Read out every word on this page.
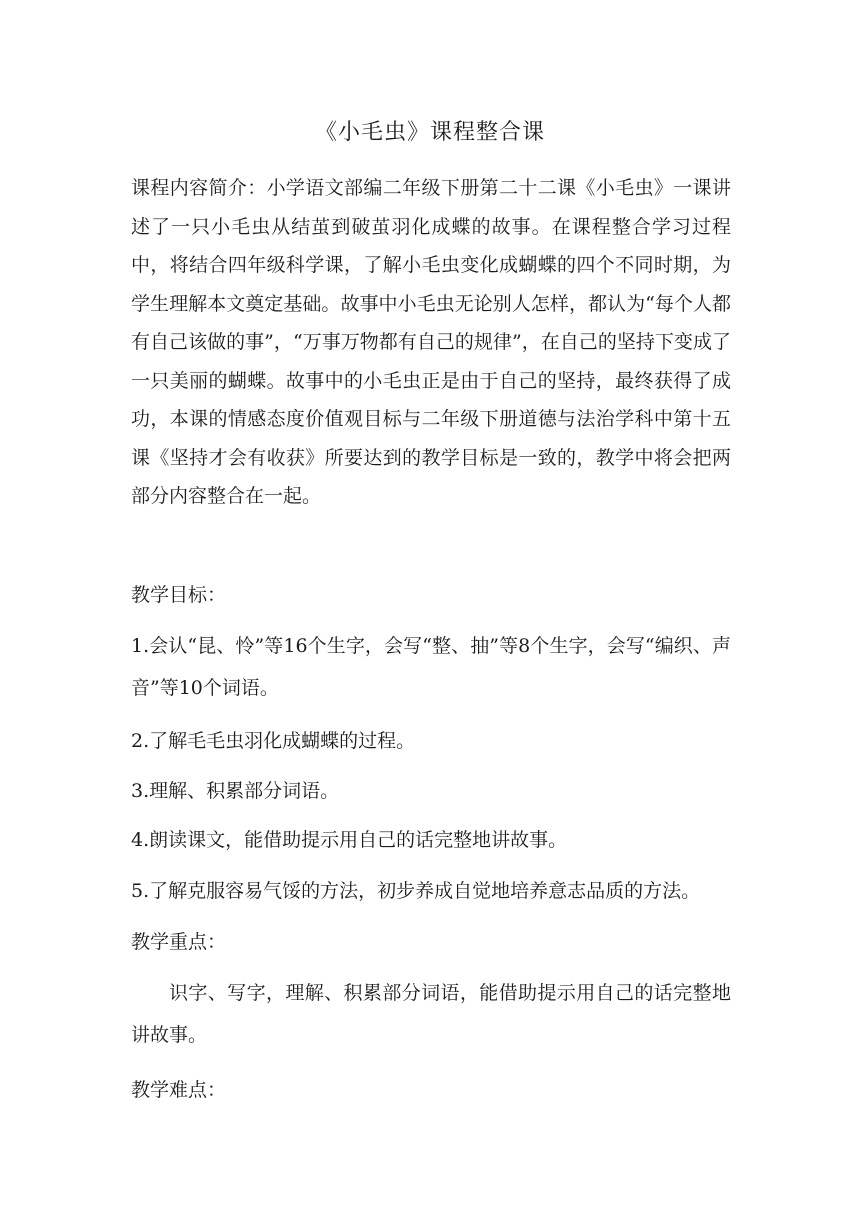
《小毛虫》课程整合课

课程内容简介：小学语文部编二年级下册第二十二课《小毛虫》一课讲述了一只小毛虫从结茧到破茧羽化成蝶的故事。在课程整合学习过程中，将结合四年级科学课，了解小毛虫变化成蝴蝶的四个不同时期，为学生理解本文奠定基础。故事中小毛虫无论别人怎样，都认为“每个人都有自己该做的事”，“万事万物都有自己的规律”，在自己的坚持下变成了一只美丽的蝴蝶。故事中的小毛虫正是由于自己的坚持，最终获得了成功，本课的情感态度价值观目标与二年级下册道德与法治学科中第十五课《坚持才会有收获》所要达到的教学目标是一致的，教学中将会把两部分内容整合在一起。

教学目标：

1.会认“昆、怜”等16个生字，会写“整、抽”等8个生字，会写“编织、声音”等10个词语。

2.了解毛毛虫羽化成蝴蝶的过程。

3.理解、积累部分词语。

4.朗读课文，能借助提示用自己的话完整地讲故事。

5.了解克服容易气馁的方法，初步养成自觉地培养意志品质的方法。

教学重点：

识字、写字，理解、积累部分词语，能借助提示用自己的话完整地讲故事。

教学难点：
